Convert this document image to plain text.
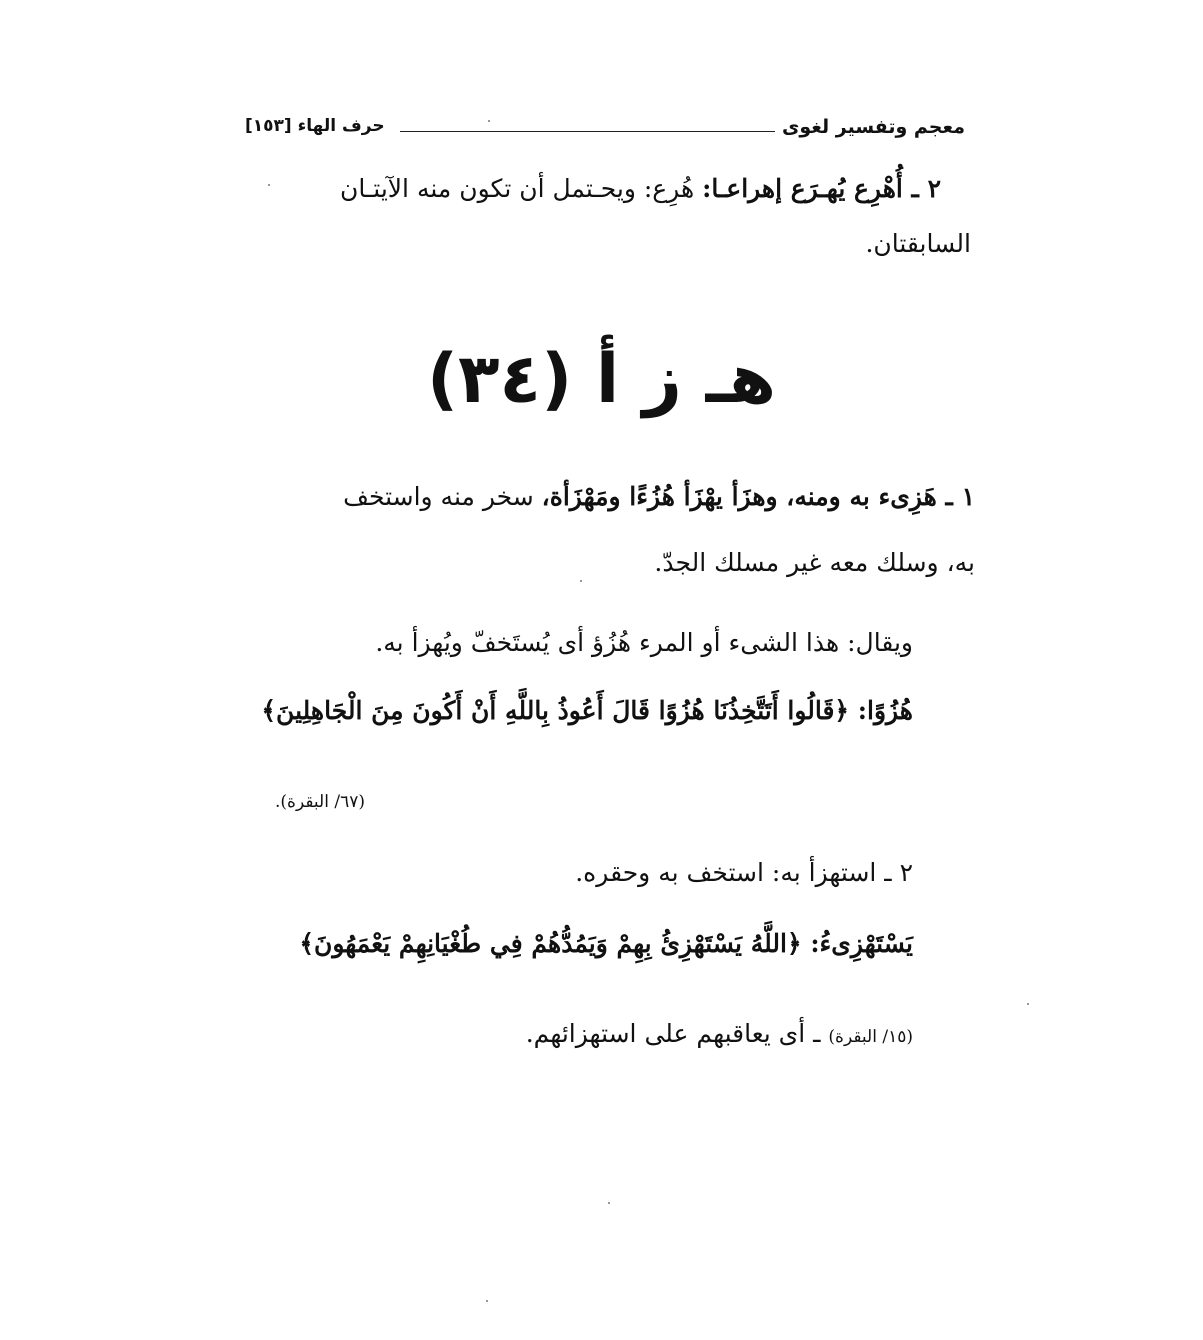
معجم وتفسير لغوى
حرف الهاء [١٥٣]
٢ ـ أُهْرِع يُهـرَع إهراعـا: هُرِع: ويحـتمل أن تكون منه الآيتـان
السابقتان.
هـ ز أ (٣٤)
١ ـ هَزِىء به ومنه، وهزَأ يهْزَأ هُزُءًا ومَهْزَأة، سخر منه واستخف
به، وسلك معه غير مسلك الجدّ.
ويقال: هذا الشىء أو المرء هُزُؤ أى يُستَخفّ ويُهزأ به.
هُزُوًا: ﴿قَالُوا أَتَتَّخِذُنَا هُزُوًا قَالَ أَعُوذُ بِاللَّهِ أَنْ أَكُونَ مِنَ الْجَاهِلِينَ﴾
(٦٧/ البقرة).
٢ ـ استهزأ به: استخف به وحقره.
يَسْتَهْزِىءُ: ﴿اللَّهُ يَسْتَهْزِئُ بِهِمْ وَيَمُدُّهُمْ فِي طُغْيَانِهِمْ يَعْمَهُونَ﴾
(١٥/ البقرة) ـ أى يعاقبهم على استهزائهم.
